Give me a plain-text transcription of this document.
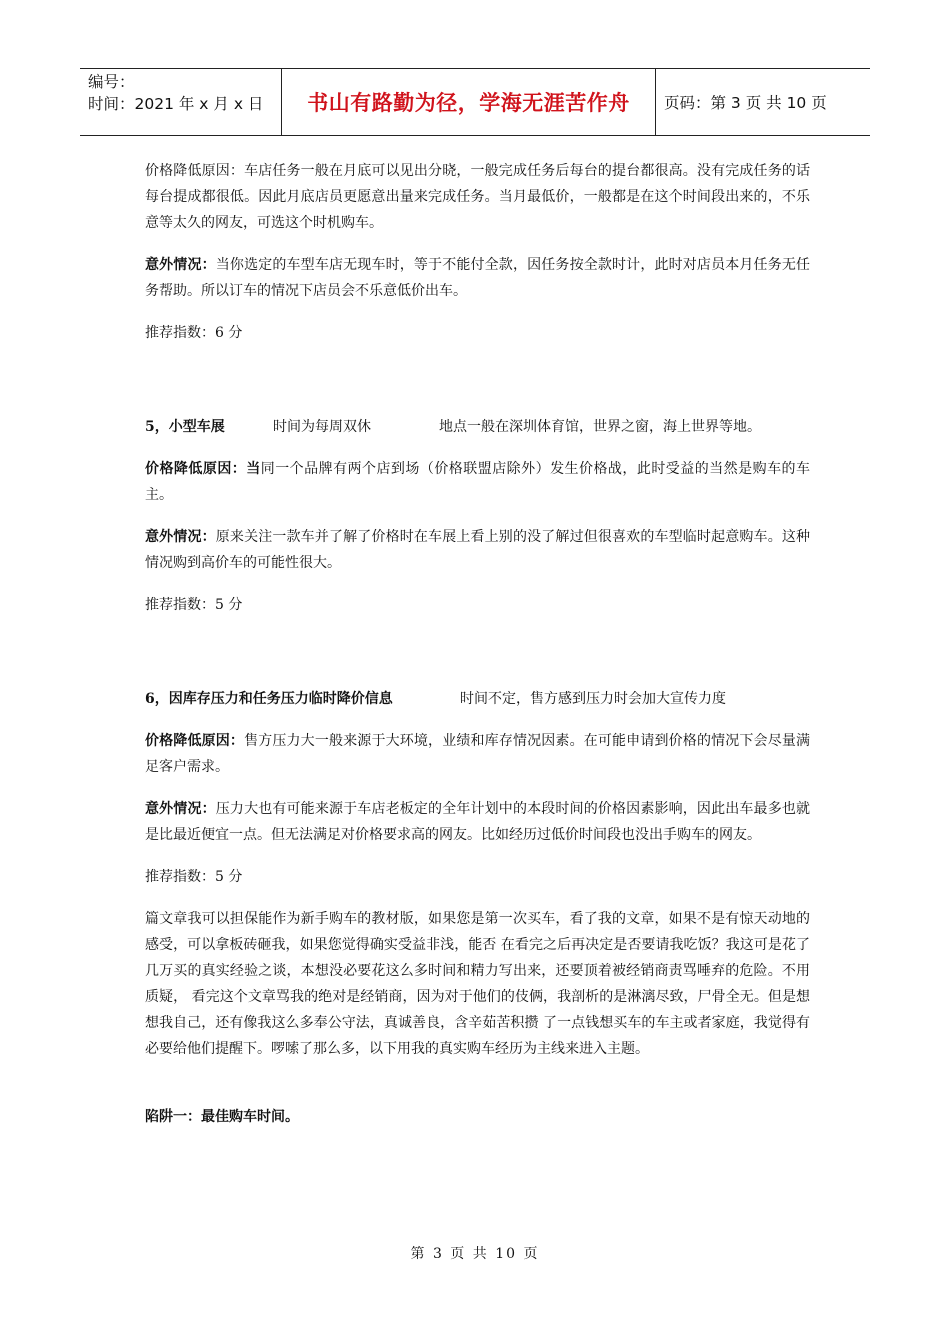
编号：
时间：2021 年 x 月 x 日	书山有路勤为径，学海无涯苦作舟	页码：第 3 页 共 10 页

价格降低原因：车店任务一般在月底可以见出分晓，一般完成任务后每台的提台都很高。没有完成任务的话每台提成都很低。因此月底店员更愿意出量来完成任务。当月最低价，一般都是在这个时间段出来的，不乐意等太久的网友，可选这个时机购车。

意外情况：当你选定的车型车店无现车时，等于不能付全款，因任务按全款时计，此时对店员本月任务无任务帮助。所以订车的情况下店员会不乐意低价出车。

推荐指数：6 分

5，小型车展	时间为每周双休	地点一般在深圳体育馆，世界之窗，海上世界等地。

价格降低原因：当同一个品牌有两个店到场（价格联盟店除外）发生价格战，此时受益的当然是购车的车主。

意外情况：原来关注一款车并了解了价格时在车展上看上别的没了解过但很喜欢的车型临时起意购车。这种情况购到高价车的可能性很大。

推荐指数：5 分

6，因库存压力和任务压力临时降价信息	时间不定，售方感到压力时会加大宣传力度

价格降低原因：售方压力大一般来源于大环境，业绩和库存情况因素。在可能申请到价格的情况下会尽量满足客户需求。

意外情况：压力大也有可能来源于车店老板定的全年计划中的本段时间的价格因素影响，因此出车最多也就是比最近便宜一点。但无法满足对价格要求高的网友。比如经历过低价时间段也没出手购车的网友。

推荐指数：5 分

篇文章我可以担保能作为新手购车的教材版，如果您是第一次买车，看了我的文章，如果不是有惊天动地的感受，可以拿板砖砸我，如果您觉得确实受益非浅，能否 在看完之后再决定是否要请我吃饭？我这可是花了几万买的真实经验之谈，本想没必要花这么多时间和精力写出来，还要顶着被经销商责骂唾弃的危险。不用质疑， 看完这个文章骂我的绝对是经销商，因为对于他们的伎俩，我剖析的是淋漓尽致，尸骨全无。但是想想我自己，还有像我这么多奉公守法，真诚善良，含辛茹苦积攒 了一点钱想买车的车主或者家庭，我觉得有必要给他们提醒下。啰嗦了那么多，以下用我的真实购车经历为主线来进入主题。

陷阱一：最佳购车时间。

第 3 页 共 10 页
